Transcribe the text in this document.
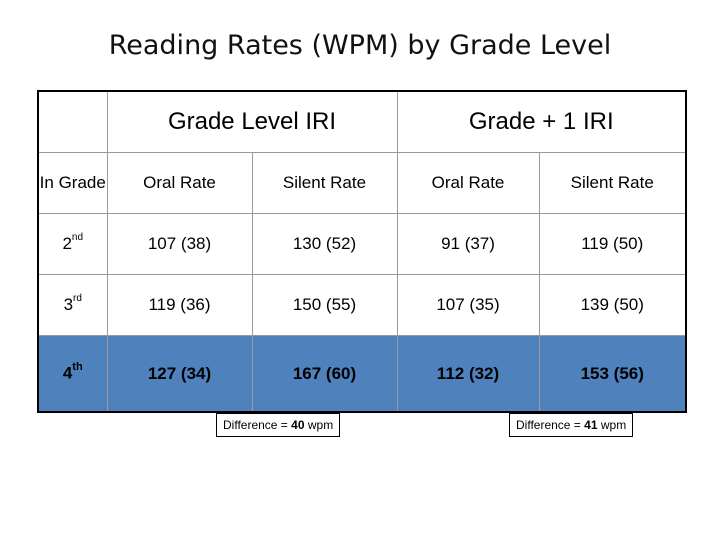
Reading Rates (WPM) by Grade Level
	Grade Level IRI		Grade + 1 IRI	
In Grade	Oral Rate	Silent Rate	Oral Rate	Silent Rate
2nd	107 (38)	130 (52)	91 (37)	119 (50)
3rd	119 (36)	150 (55)	107 (35)	139 (50)
4th	127 (34)	167 (60)	112 (32)	153 (56)
Difference = 40 wpm	Difference = 41 wpm
